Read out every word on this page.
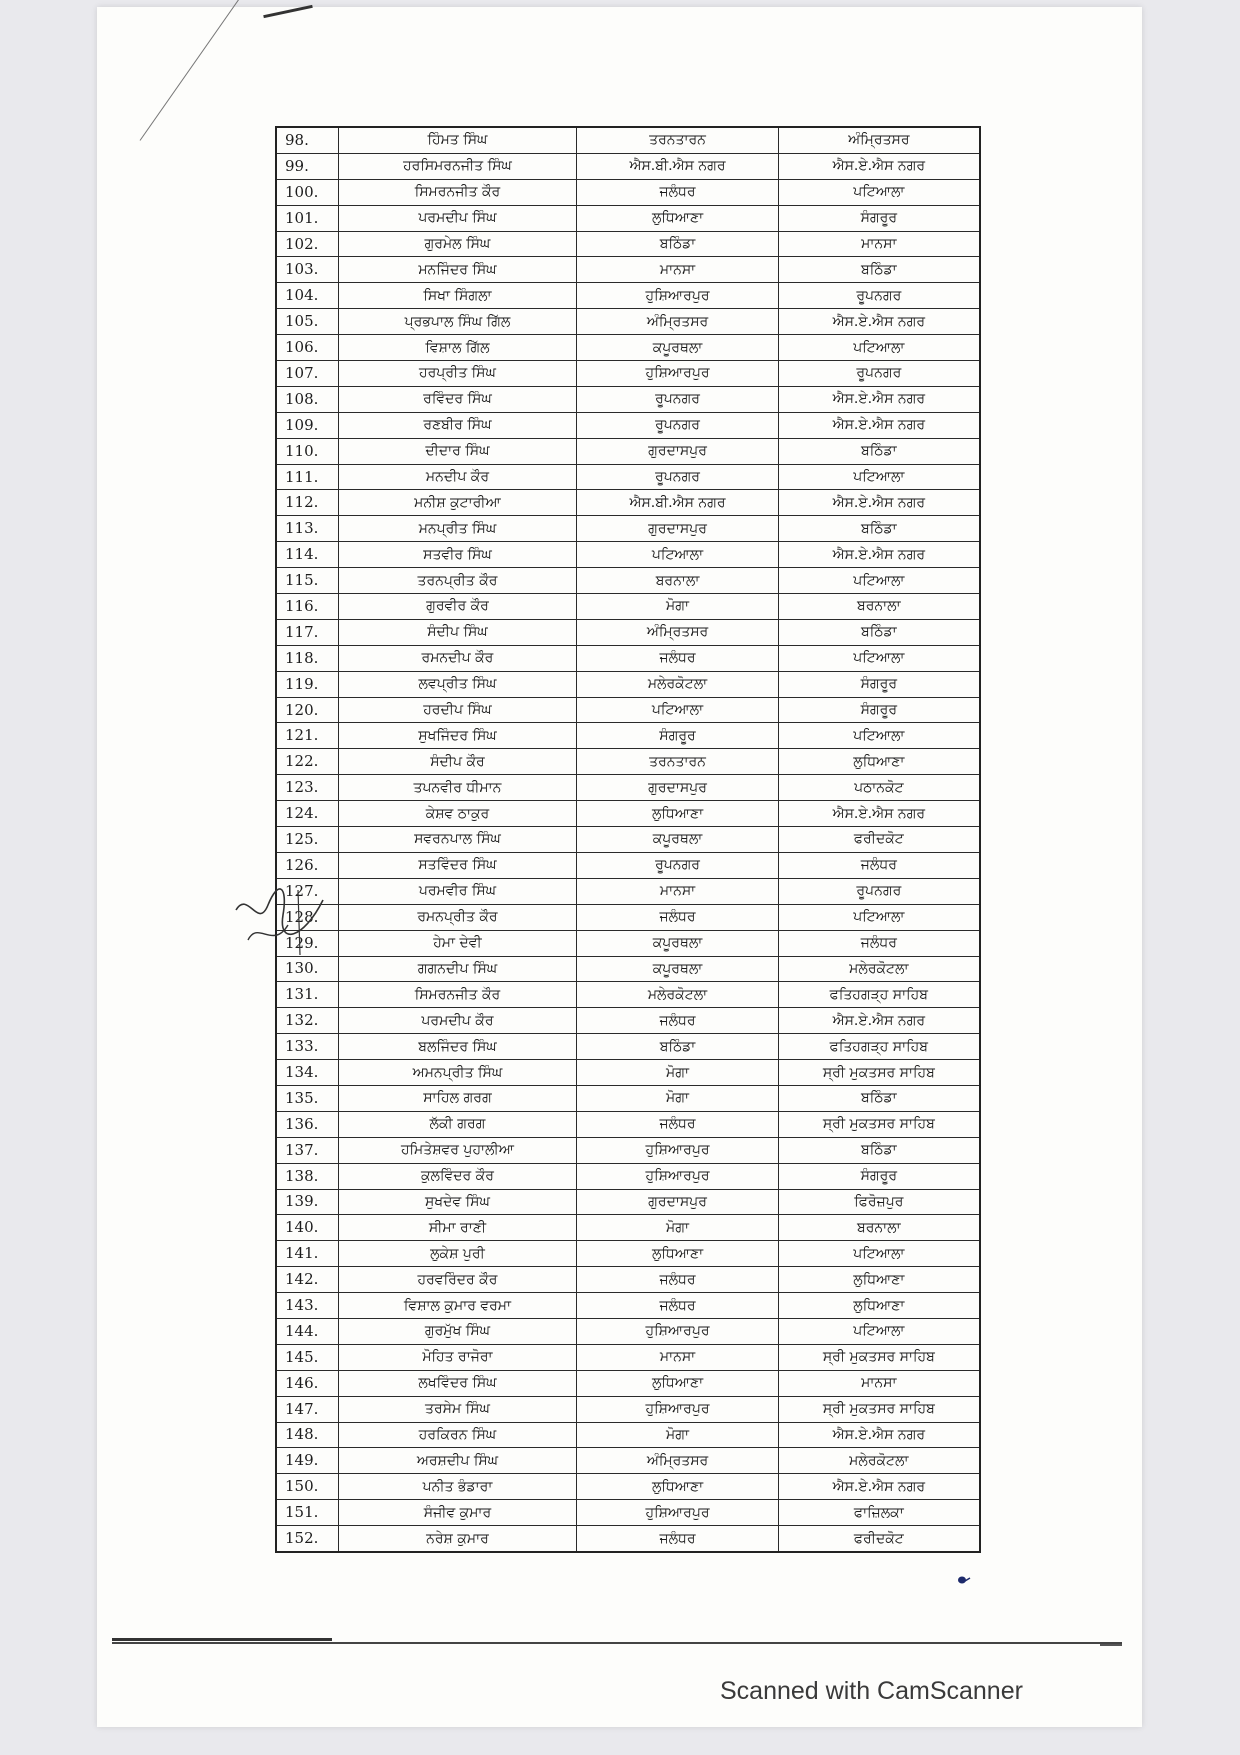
98.	ਹਿੰਮਤ ਸਿੰਘ	ਤਰਨਤਾਰਨ	ਅੰਮ੍ਰਿਤਸਰ
99.	ਹਰਸਿਮਰਨਜੀਤ ਸਿੰਘ	ਐਸ.ਬੀ.ਐਸ ਨਗਰ	ਐਸ.ਏ.ਐਸ ਨਗਰ
100.	ਸਿਮਰਨਜੀਤ ਕੌਰ	ਜਲੰਧਰ	ਪਟਿਆਲਾ
101.	ਪਰਮਦੀਪ ਸਿੰਘ	ਲੁਧਿਆਣਾ	ਸੰਗਰੂਰ
102.	ਗੁਰਮੇਲ ਸਿੰਘ	ਬਠਿੰਡਾ	ਮਾਨਸਾ
103.	ਮਨਜਿੰਦਰ ਸਿੰਘ	ਮਾਨਸਾ	ਬਠਿੰਡਾ
104.	ਸਿਖਾ ਸਿੰਗਲਾ	ਹੁਸ਼ਿਆਰਪੁਰ	ਰੂਪਨਗਰ
105.	ਪ੍ਰਭਪਾਲ ਸਿੰਘ ਗਿੱਲ	ਅੰਮ੍ਰਿਤਸਰ	ਐਸ.ਏ.ਐਸ ਨਗਰ
106.	ਵਿਸ਼ਾਲ ਗਿੱਲ	ਕਪੂਰਥਲਾ	ਪਟਿਆਲਾ
107.	ਹਰਪ੍ਰੀਤ ਸਿੰਘ	ਹੁਸ਼ਿਆਰਪੁਰ	ਰੂਪਨਗਰ
108.	ਰਵਿੰਦਰ ਸਿੰਘ	ਰੂਪਨਗਰ	ਐਸ.ਏ.ਐਸ ਨਗਰ
109.	ਰਣਬੀਰ ਸਿੰਘ	ਰੂਪਨਗਰ	ਐਸ.ਏ.ਐਸ ਨਗਰ
110.	ਦੀਦਾਰ ਸਿੰਘ	ਗੁਰਦਾਸਪੁਰ	ਬਠਿੰਡਾ
111.	ਮਨਦੀਪ ਕੌਰ	ਰੂਪਨਗਰ	ਪਟਿਆਲਾ
112.	ਮਨੀਸ਼ ਕੁਟਾਰੀਆ	ਐਸ.ਬੀ.ਐਸ ਨਗਰ	ਐਸ.ਏ.ਐਸ ਨਗਰ
113.	ਮਨਪ੍ਰੀਤ ਸਿੰਘ	ਗੁਰਦਾਸਪੁਰ	ਬਠਿੰਡਾ
114.	ਸਤਵੀਰ ਸਿੰਘ	ਪਟਿਆਲਾ	ਐਸ.ਏ.ਐਸ ਨਗਰ
115.	ਤਰਨਪ੍ਰੀਤ ਕੌਰ	ਬਰਨਾਲਾ	ਪਟਿਆਲਾ
116.	ਗੁਰਵੀਰ ਕੌਰ	ਮੋਗਾ	ਬਰਨਾਲਾ
117.	ਸੰਦੀਪ ਸਿੰਘ	ਅੰਮ੍ਰਿਤਸਰ	ਬਠਿੰਡਾ
118.	ਰਮਨਦੀਪ ਕੌਰ	ਜਲੰਧਰ	ਪਟਿਆਲਾ
119.	ਲਵਪ੍ਰੀਤ ਸਿੰਘ	ਮਲੇਰਕੋਟਲਾ	ਸੰਗਰੂਰ
120.	ਹਰਦੀਪ ਸਿੰਘ	ਪਟਿਆਲਾ	ਸੰਗਰੂਰ
121.	ਸੁਖਜਿੰਦਰ ਸਿੰਘ	ਸੰਗਰੂਰ	ਪਟਿਆਲਾ
122.	ਸੰਦੀਪ ਕੌਰ	ਤਰਨਤਾਰਨ	ਲੁਧਿਆਣਾ
123.	ਤਪਨਵੀਰ ਧੀਮਾਨ	ਗੁਰਦਾਸਪੁਰ	ਪਠਾਨਕੋਟ
124.	ਕੇਸ਼ਵ ਠਾਕੁਰ	ਲੁਧਿਆਣਾ	ਐਸ.ਏ.ਐਸ ਨਗਰ
125.	ਸਵਰਨਪਾਲ ਸਿੰਘ	ਕਪੂਰਥਲਾ	ਫਰੀਦਕੋਟ
126.	ਸਤਵਿੰਦਰ ਸਿੰਘ	ਰੂਪਨਗਰ	ਜਲੰਧਰ
127.	ਪਰਮਵੀਰ ਸਿੰਘ	ਮਾਨਸਾ	ਰੂਪਨਗਰ
128.	ਰਮਨਪ੍ਰੀਤ ਕੌਰ	ਜਲੰਧਰ	ਪਟਿਆਲਾ
129.	ਹੇਮਾ ਦੇਵੀ	ਕਪੂਰਥਲਾ	ਜਲੰਧਰ
130.	ਗਗਨਦੀਪ ਸਿੰਘ	ਕਪੂਰਥਲਾ	ਮਲੇਰਕੋਟਲਾ
131.	ਸਿਮਰਨਜੀਤ ਕੌਰ	ਮਲੇਰਕੋਟਲਾ	ਫਤਿਹਗੜ੍ਹ ਸਾਹਿਬ
132.	ਪਰਮਦੀਪ ਕੌਰ	ਜਲੰਧਰ	ਐਸ.ਏ.ਐਸ ਨਗਰ
133.	ਬਲਜਿੰਦਰ ਸਿੰਘ	ਬਠਿੰਡਾ	ਫਤਿਹਗੜ੍ਹ ਸਾਹਿਬ
134.	ਅਮਨਪ੍ਰੀਤ ਸਿੰਘ	ਮੋਗਾ	ਸ੍ਰੀ ਮੁਕਤਸਰ ਸਾਹਿਬ
135.	ਸਾਹਿਲ ਗਰਗ	ਮੋਗਾ	ਬਠਿੰਡਾ
136.	ਲੱਕੀ ਗਰਗ	ਜਲੰਧਰ	ਸ੍ਰੀ ਮੁਕਤਸਰ ਸਾਹਿਬ
137.	ਹਮਿਤੇਸ਼ਵਰ ਪੁਹਾਲੀਆ	ਹੁਸ਼ਿਆਰਪੁਰ	ਬਠਿੰਡਾ
138.	ਕੁਲਵਿੰਦਰ ਕੌਰ	ਹੁਸ਼ਿਆਰਪੁਰ	ਸੰਗਰੂਰ
139.	ਸੁਖਦੇਵ ਸਿੰਘ	ਗੁਰਦਾਸਪੁਰ	ਫਿਰੋਜ਼ਪੁਰ
140.	ਸੀਮਾ ਰਾਣੀ	ਮੋਗਾ	ਬਰਨਾਲਾ
141.	ਲੁਕੇਸ਼ ਪੁਰੀ	ਲੁਧਿਆਣਾ	ਪਟਿਆਲਾ
142.	ਹਰਵਰਿੰਦਰ ਕੌਰ	ਜਲੰਧਰ	ਲੁਧਿਆਣਾ
143.	ਵਿਸ਼ਾਲ ਕੁਮਾਰ ਵਰਮਾ	ਜਲੰਧਰ	ਲੁਧਿਆਣਾ
144.	ਗੁਰਮੁੱਖ ਸਿੰਘ	ਹੁਸ਼ਿਆਰਪੁਰ	ਪਟਿਆਲਾ
145.	ਮੋਹਿਤ ਰਾਜੋਰਾ	ਮਾਨਸਾ	ਸ੍ਰੀ ਮੁਕਤਸਰ ਸਾਹਿਬ
146.	ਲਖਵਿੰਦਰ ਸਿੰਘ	ਲੁਧਿਆਣਾ	ਮਾਨਸਾ
147.	ਤਰਸੇਮ ਸਿੰਘ	ਹੁਸ਼ਿਆਰਪੁਰ	ਸ੍ਰੀ ਮੁਕਤਸਰ ਸਾਹਿਬ
148.	ਹਰਕਿਰਨ ਸਿੰਘ	ਮੋਗਾ	ਐਸ.ਏ.ਐਸ ਨਗਰ
149.	ਅਰਸ਼ਦੀਪ ਸਿੰਘ	ਅੰਮ੍ਰਿਤਸਰ	ਮਲੇਰਕੋਟਲਾ
150.	ਪਨੀਤ ਭੰਡਾਰਾ	ਲੁਧਿਆਣਾ	ਐਸ.ਏ.ਐਸ ਨਗਰ
151.	ਸੰਜੀਵ ਕੁਮਾਰ	ਹੁਸ਼ਿਆਰਪੁਰ	ਫਾਜ਼ਿਲਕਾ
152.	ਨਰੇਸ਼ ਕੁਮਾਰ	ਜਲੰਧਰ	ਫਰੀਦਕੋਟ
Scanned with CamScanner
